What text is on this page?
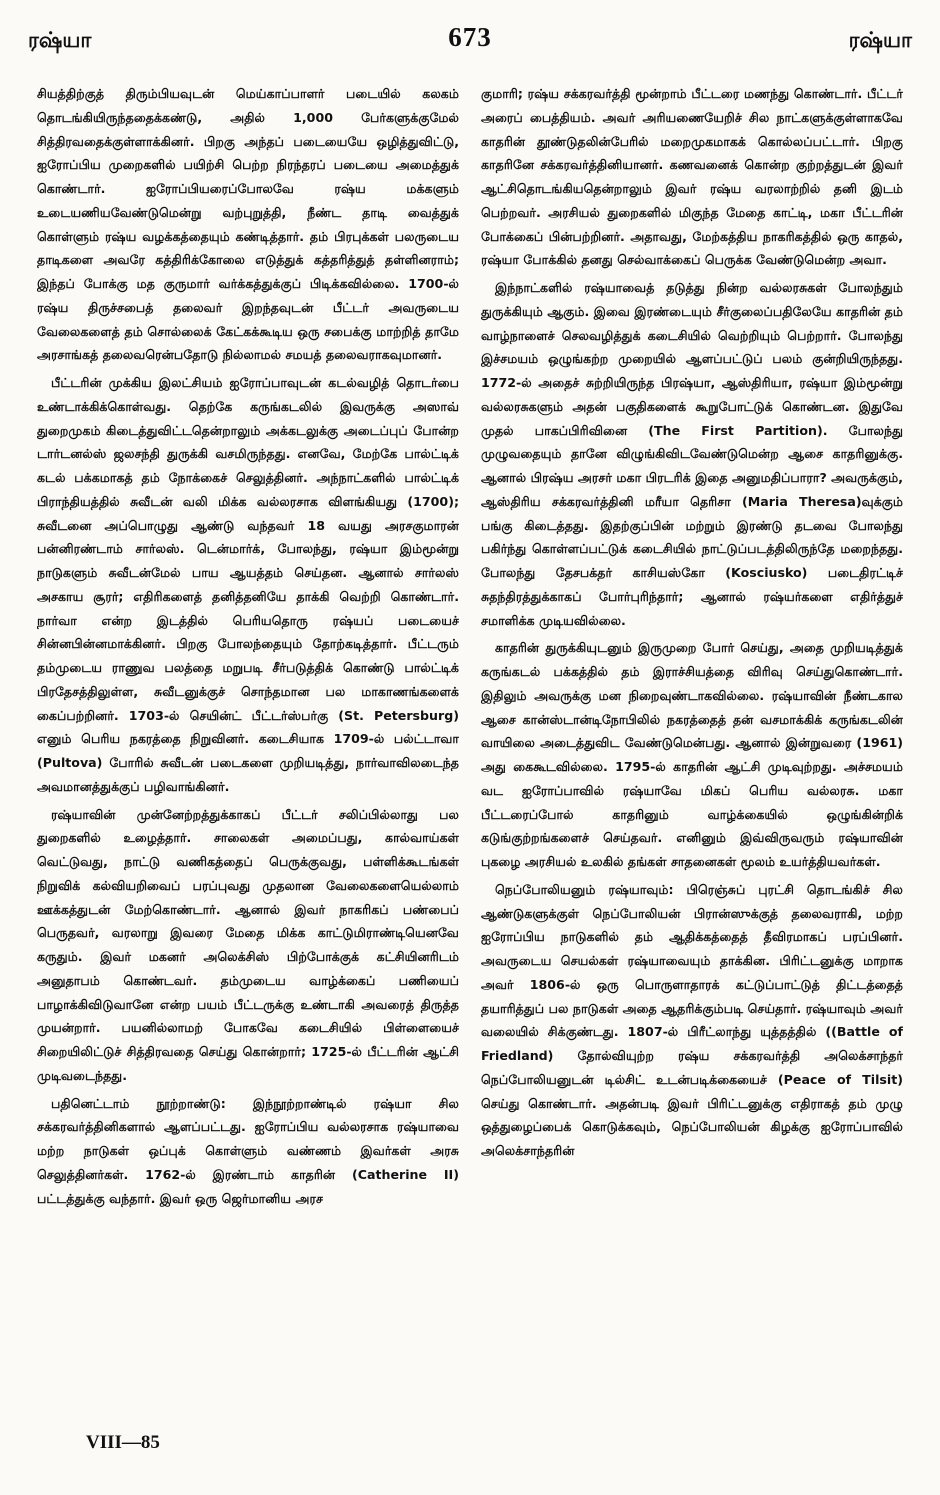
ரஷ்யா	673	ரஷ்யா

சியத்திற்குத் திரும்பியவுடன் மெய்காப்பாளர் படையில் கலகம் தொடங்கியிருந்ததைக்கண்டு, அதில் 1,000 பேர்களுக்குமேல் சித்திரவதைக்குள்ளாக்கினர். பிறகு அந்தப் படையையே ஒழித்துவிட்டு, ஐரோப்பிய முறைகளில் பயிற்சி பெற்ற நிரந்தரப் படையை அமைத்துக் கொண்டார். ஐரோப்பியரைப்போலவே ரஷ்ய மக்களும் உடையணியவேண்டுமென்று வற்புறுத்தி, நீண்ட தாடி வைத்துக் கொள்ளும் ரஷ்ய வழக்கத்தையும் கண்டித்தார். தம் பிரபுக்கள் பலருடைய தாடிகளை அவரே கத்திரிக்கோலை எடுத்துக் கத்தரித்துத் தள்ளினராம்; இந்தப் போக்கு மத குருமார் வர்க்கத்துக்குப் பிடிக்கவில்லை. 1700-ல் ரஷ்ய திருச்சபைத் தலைவர் இறந்தவுடன் பீட்டர் அவருடைய வேலைகளைத் தம் சொல்லைக் கேட்கக்கூடிய ஒரு சபைக்கு மாற்றித் தாமே அரசாங்கத் தலைவரென்பதோடு நில்லாமல் சமயத் தலைவராகவுமானர்.

பீட்டரின் முக்கிய இலட்சியம் ஐரோப்பாவுடன் கடல்வழித் தொடர்பை உண்டாக்கிக்கொள்வது. தெற்கே கருங்கடலில் இவருக்கு அஸாவ் துறைமுகம் கிடைத்துவிட்டதென்றாலும் அக்கடலுக்கு அடைப்புப் போன்ற டார்டனல்ஸ் ஜலசந்தி துருக்கி வசமிருந்தது. எனவே, மேற்கே பால்ட்டிக் கடல் பக்கமாகத் தம் நோக்கைச் செலுத்தினர். அந்நாட்களில் பால்ட்டிக் பிராந்தியத்தில் சுவீடன் வலி மிக்க வல்லரசாக விளங்கியது (1700); சுவீடனை அப்பொழுது ஆண்டு வந்தவர் 18 வயது அரசகுமாரன் பன்னிரண்டாம் சார்லஸ். டென்மார்க், போலந்து, ரஷ்யா இம்மூன்று நாடுகளும் சுவீடன்மேல் பாய ஆயத்தம் செய்தன. ஆனால் சார்லஸ் அசகாய சூரர்; எதிரிகளைத் தனித்தனியே தாக்கி வெற்றி கொண்டார். நார்வா என்ற இடத்தில் பெரியதொரு ரஷ்யப் படையைச் சின்னபின்னமாக்கினர். பிறகு போலந்தையும் தோற்கடித்தார். பீட்டரும் தம்முடைய ராணுவ பலத்தை மறுபடி சீர்படுத்திக் கொண்டு பால்ட்டிக் பிரதேசத்திலுள்ள, சுவீடனுக்குச் சொந்தமான பல மாகாணங்களைக் கைப்பற்றினர். 1703-ல் செயின்ட் பீட்டர்ஸ்பர்கு (St. Petersburg) எனும் பெரிய நகரத்தை நிறுவினர். கடைசியாக 1709-ல் பல்ட்டாவா (Pultova) போரில் சுவீடன் படைகளை முறியடித்து, நார்வாவிலடைந்த அவமானத்துக்குப் பழிவாங்கினர்.

ரஷ்யாவின் முன்னேற்றத்துக்காகப் பீட்டர் சலிப்பில்லாது பல துறைகளில் உழைத்தார். சாலைகள் அமைப்பது, கால்வாய்கள் வெட்டுவது, நாட்டு வணிகத்தைப் பெருக்குவது, பள்ளிக்கூடங்கள் நிறுவிக் கல்வியறிவைப் பரப்புவது முதலான வேலைகளையெல்லாம் ஊக்கத்துடன் மேற்கொண்டார். ஆனால் இவர் நாகரிகப் பண்பைப் பெருதவர், வரலாறு இவரை மேதை மிக்க காட்டுமிராண்டியெனவே கருதும். இவர் மகனர் அலெக்சிஸ் பிற்போக்குக் கட்சியினரிடம் அனுதாபம் கொண்டவர். தம்முடைய வாழ்க்கைப் பணியைப் பாழாக்கிவிடுவானே என்ற பயம் பீட்டருக்கு உண்டாகி அவரைத் திருத்த முயன்றார். பயனில்லாமற் போகவே கடைசியில் பிள்ளையைச் சிறையிலிட்டுச் சித்திரவதை செய்து கொன்றார்; 1725-ல் பீட்டரின் ஆட்சி முடிவடைந்தது.

பதினெட்டாம் நூற்றாண்டு: இந்நூற்றாண்டில் ரஷ்யா சில சக்கரவர்த்தினிகளால் ஆளப்பட்டது. ஐரோப்பிய வல்லரசாக ரஷ்யாவை மற்ற நாடுகள் ஒப்புக் கொள்ளும் வண்ணம் இவர்கள் அரசு செலுத்தினர்கள். 1762-ல் இரண்டாம் காதரின் (Catherine II) பட்டத்துக்கு வந்தார். இவர் ஒரு ஜெர்மானிய அரச

குமாரி; ரஷ்ய சக்கரவர்த்தி மூன்றாம் பீட்டரை மணந்து கொண்டார். பீட்டர் அரைப் பைத்தியம். அவர் அரியணையேறிச் சில நாட்களுக்குள்ளாகவே காதரின் தூண்டுதலின்பேரில் மறைமுகமாகக் கொல்லப்பட்டார். பிறகு காதரினே சக்கரவர்த்தினியானர். கணவனைக் கொன்ற குற்றத்துடன் இவர் ஆட்சிதொடங்கியதென்றாலும் இவர் ரஷ்ய வரலாற்றில் தனி இடம் பெற்றவர். அரசியல் துறைகளில் மிகுந்த மேதை காட்டி, மகா பீட்டரின் போக்கைப் பின்பற்றினர். அதாவது, மேற்கத்திய நாகரிகத்தில் ஒரு காதல், ரஷ்யா போக்கில் தனது செல்வாக்கைப் பெருக்க வேண்டுமென்ற அவா.

இந்நாட்களில் ரஷ்யாவைத் தடுத்து நின்ற வல்லரசுகள் போலந்தும் துருக்கியும் ஆகும். இவை இரண்டையும் சீர்குலைப்பதிலேயே காதரின் தம் வாழ்நாளைச் செலவழித்துக் கடைசியில் வெற்றியும் பெற்றார். போலந்து இச்சமயம் ஒழுங்கற்ற முறையில் ஆளப்பட்டுப் பலம் குன்றியிருந்தது. 1772-ல் அதைச் சுற்றியிருந்த பிரஷ்யா, ஆஸ்திரியா, ரஷ்யா இம்மூன்று வல்லரசுகளும் அதன் பகுதிகளைக் கூறுபோட்டுக் கொண்டன. இதுவே முதல் பாகப்பிரிவினை (The First Partition). போலந்து முழுவதையும் தானே விழுங்கிவிடவேண்டுமென்ற ஆசை காதரினுக்கு. ஆனால் பிரஷ்ய அரசர் மகா பிரடரிக் இதை அனுமதிப்பாரா? அவருக்கும், ஆஸ்திரிய சக்கரவர்த்தினி மரீயா தெரிசா (Maria Theresa)வுக்கும் பங்கு கிடைத்தது. இதற்குப்பின் மற்றும் இரண்டு தடவை போலந்து பகிர்ந்து கொள்ளப்பட்டுக் கடைசியில் நாட்டுப்படத்திலிருந்தே மறைந்தது. போலந்து தேசபக்தர் காசியஸ்கோ (Kosciusko) படைதிரட்டிச் சுதந்திரத்துக்காகப் போர்புரிந்தார்; ஆனால் ரஷ்யர்களை எதிர்த்துச் சமாளிக்க முடியவில்லை.

காதரின் துருக்கியுடனும் இருமுறை போர் செய்து, அதை முறியடித்துக் கருங்கடல் பக்கத்தில் தம் இராச்சியத்தை விரிவு செய்துகொண்டார். இதிலும் அவருக்கு மன நிறைவுண்டாகவில்லை. ரஷ்யாவின் நீண்டகால ஆசை கான்ஸ்டான்டிநோபிலில் நகரத்தைத் தன் வசமாக்கிக் கருங்கடலின் வாயிலை அடைத்துவிட வேண்டுமென்பது. ஆனால் இன்றுவரை (1961) அது கைகூடவில்லை. 1795-ல் காதரின் ஆட்சி முடிவுற்றது. அச்சமயம் வட ஐரோப்பாவில் ரஷ்யாவே மிகப் பெரிய வல்லரசு. மகா பீட்டரைப்போல் காதரினும் வாழ்க்கையில் ஒழுங்கின்றிக் கடுங்குற்றங்களைச் செய்தவர். எனினும் இவ்விருவரும் ரஷ்யாவின் புகழை அரசியல் உலகில் தங்கள் சாதனைகள் மூலம் உயர்த்தியவர்கள்.

நெப்போலியனும் ரஷ்யாவும்: பிரெஞ்சுப் புரட்சி தொடங்கிச் சில ஆண்டுகளுக்குள் நெப்போலியன் பிரான்ஸுக்குத் தலைவராகி, மற்ற ஐரோப்பிய நாடுகளில் தம் ஆதிக்கத்தைத் தீவிரமாகப் பரப்பினர். அவருடைய செயல்கள் ரஷ்யாவையும் தாக்கின. பிரிட்டனுக்கு மாறாக அவர் 1806-ல் ஒரு பொருளாதாரக் கட்டுப்பாட்டுத் திட்டத்தைத் தயாரித்துப் பல நாடுகள் அதை ஆதரிக்கும்படி செய்தார். ரஷ்யாவும் அவர் வலையில் சிக்குண்டது. 1807-ல் பிரீட்லாந்து யுத்தத்தில் ((Battle of Friedland) தோல்வியுற்ற ரஷ்ய சக்கரவர்த்தி அலெக்சாந்தர் நெப்போலியனுடன் டில்சிட் உடன்படிக்கையைச் (Peace of Tilsit) செய்து கொண்டார். அதன்படி இவர் பிரிட்டனுக்கு எதிராகத் தம் முழு ஒத்துழைப்பைக் கொடுக்கவும், நெப்போலியன் கிழக்கு ஐரோப்பாவில் அலெக்சாந்தரின்

VIII—85
